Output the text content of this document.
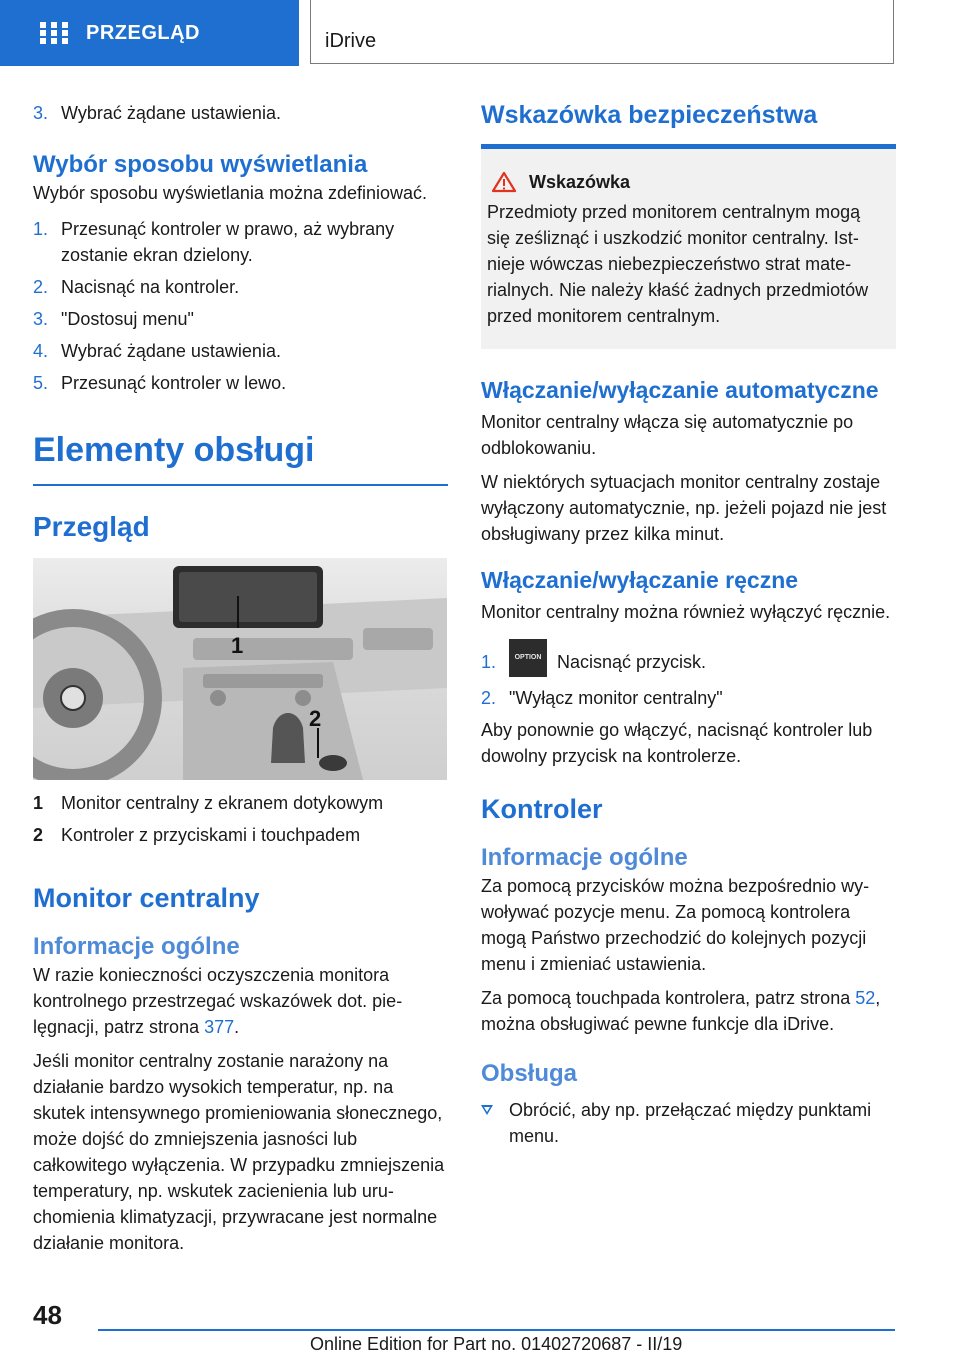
PRZEGLĄD	iDrive
3. Wybrać żądane ustawienia.
Wybór sposobu wyświetlania

Wybór sposobu wyświetlania można zdefiniować.

1. Przesunąć kontroler w prawo, aż wybrany zostanie ekran dzielony.
2. Nacisnąć na kontroler.
3. "Dostosuj menu"
4. Wybrać żądane ustawienia.
5. Przesunąć kontroler w lewo.
Elementy obsługi
Przegląd
1
2
1 Monitor centralny z ekranem dotykowym
2 Kontroler z przyciskami i touchpadem
Monitor centralny
Informacje ogólne

W razie konieczności oczyszczenia monitora kontrolnego przestrzegać wskazówek dot. pielęgnacji, patrz strona 377.

Jeśli monitor centralny zostanie narażony na działanie bardzo wysokich temperatur, np. na skutek intensywnego promieniowania słonecznego, może dojść do zmniejszenia jasności lub całkowitego wyłączenia. W przypadku zmniejszenia temperatury, np. wskutek zacienienia lub uruchomienia klimatyzacji, przywracane jest normalne działanie monitora.

Wskazówka bezpieczeństwa
Wskazówka

Przedmioty przed monitorem centralnym mogą się ześliznąć i uszkodzić monitor centralny. Istnieje wówczas niebezpieczeństwo strat materialnych. Nie należy kłaść żadnych przedmiotów przed monitorem centralnym.

Włączanie/wyłączanie automatyczne

Monitor centralny włącza się automatycznie po odblokowaniu.

W niektórych sytuacjach monitor centralny zostaje wyłączony automatycznie, np. jeżeli pojazd nie jest obsługiwany przez kilka minut.

Włączanie/wyłączanie ręczne

Monitor centralny można również wyłączyć ręcznie.

1.	OPTION Nacisnąć przycisk.
2. "Wyłącz monitor centralny"

Aby ponownie go włączyć, nacisnąć kontroler lub dowolny przycisk na kontrolerze.

Kontroler
Informacje ogólne

Za pomocą przycisków można bezpośrednio wywoływać pozycje menu. Za pomocą kontrolera mogą Państwo przechodzić do kolejnych pozycji menu i zmieniać ustawienia.

Za pomocą touchpada kontrolera, patrz strona 52, można obsługiwać pewne funkcje dla iDrive.

Obsługa
Obrócić, aby np. przełączać między punktami menu.
48
Online Edition for Part no. 01402720687 - II/19
